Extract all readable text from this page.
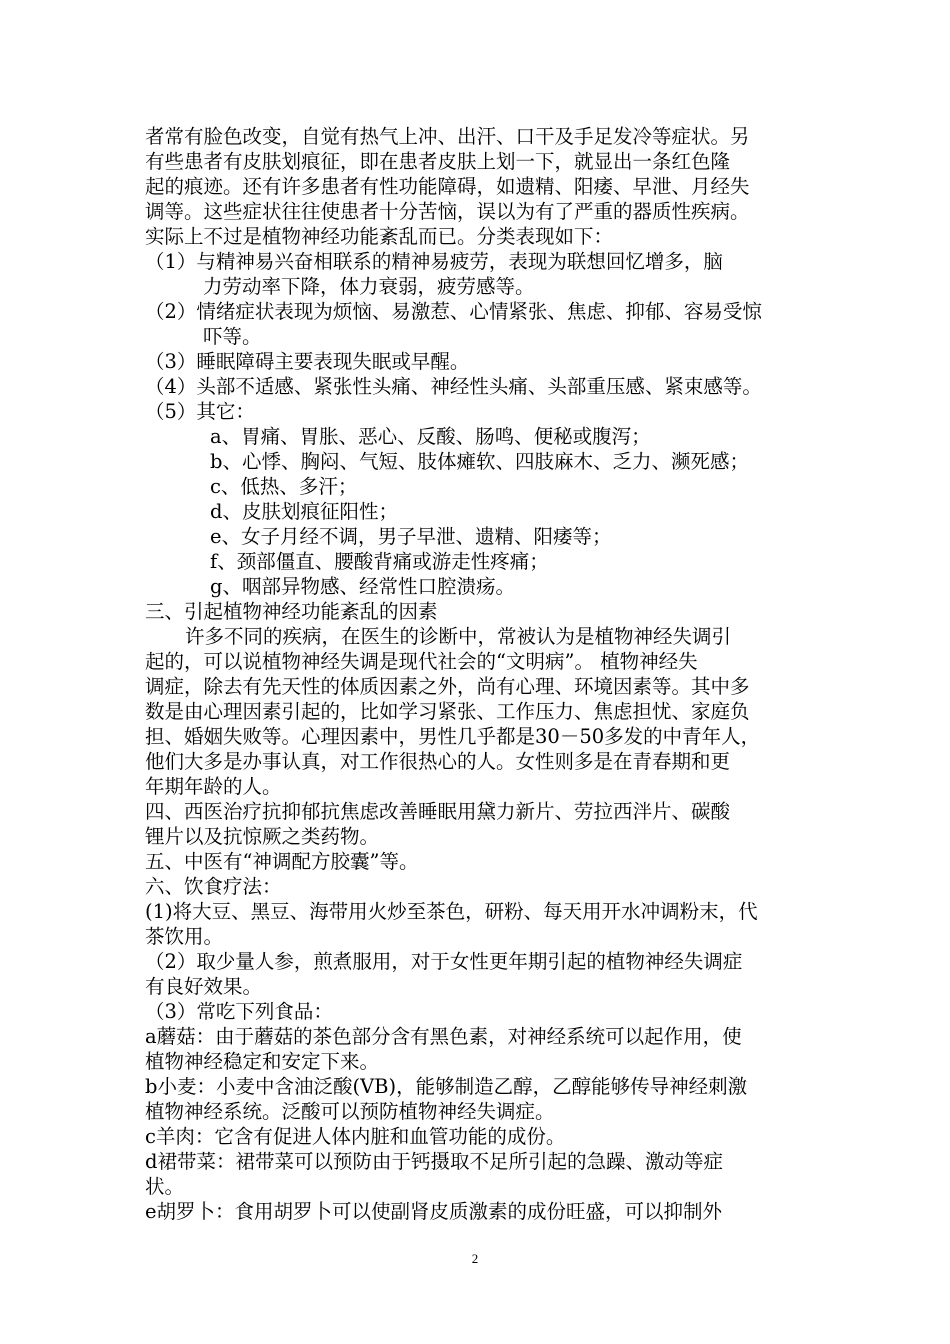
者常有脸色改变，自觉有热气上冲、出汗、口干及手足发冷等症状。另
有些患者有皮肤划痕征，即在患者皮肤上划一下，就显出一条红色隆
起的痕迹。还有许多患者有性功能障碍，如遗精、阳痿、早泄、月经失
调等。这些症状往往使患者十分苦恼，误以为有了严重的器质性疾病。
实际上不过是植物神经功能紊乱而已。分类表现如下：
（1）与精神易兴奋相联系的精神易疲劳，表现为联想回忆增多，脑
力劳动率下降，体力衰弱，疲劳感等。
（2）情绪症状表现为烦恼、易激惹、心情紧张、焦虑、抑郁、容易受惊
吓等。
（3）睡眠障碍主要表现失眠或早醒。
（4）头部不适感、紧张性头痛、神经性头痛、头部重压感、紧束感等。
（5）其它：
a、胃痛、胃胀、恶心、反酸、肠鸣、便秘或腹泻；
b、心悸、胸闷、气短、肢体瘫软、四肢麻木、乏力、濒死感；
c、低热、多汗；
d、皮肤划痕征阳性；
e、女子月经不调，男子早泄、遗精、阳痿等；
f、颈部僵直、腰酸背痛或游走性疼痛；
g、咽部异物感、经常性口腔溃疡。
三、引起植物神经功能紊乱的因素
许多不同的疾病，在医生的诊断中，常被认为是植物神经失调引
起的，可以说植物神经失调是现代社会的“文明病”。 植物神经失
调症，除去有先天性的体质因素之外，尚有心理、环境因素等。其中多
数是由心理因素引起的，比如学习紧张、工作压力、焦虑担忧、家庭负
担、婚姻失败等。心理因素中，男性几乎都是30－50多发的中青年人，
他们大多是办事认真，对工作很热心的人。女性则多是在青春期和更
年期年龄的人。
四、西医治疗抗抑郁抗焦虑改善睡眠用黛力新片、劳拉西泮片、碳酸
锂片以及抗惊厥之类药物。
五、中医有“神调配方胶囊”等。
六、饮食疗法：
(1)将大豆、黑豆、海带用火炒至茶色，研粉、每天用开水冲调粉末，代
茶饮用。
（2）取少量人参，煎煮服用，对于女性更年期引起的植物神经失调症
有良好效果。
（3）常吃下列食品：
a蘑菇：由于蘑菇的茶色部分含有黑色素，对神经系统可以起作用，使
植物神经稳定和安定下来。
b小麦：小麦中含油泛酸(VB)，能够制造乙醇，乙醇能够传导神经刺激
植物神经系统。泛酸可以预防植物神经失调症。
c羊肉：它含有促进人体内脏和血管功能的成份。
d裙带菜：裙带菜可以预防由于钙摄取不足所引起的急躁、激动等症
状。
e胡罗卜：食用胡罗卜可以使副肾皮质激素的成份旺盛，可以抑制外
2
